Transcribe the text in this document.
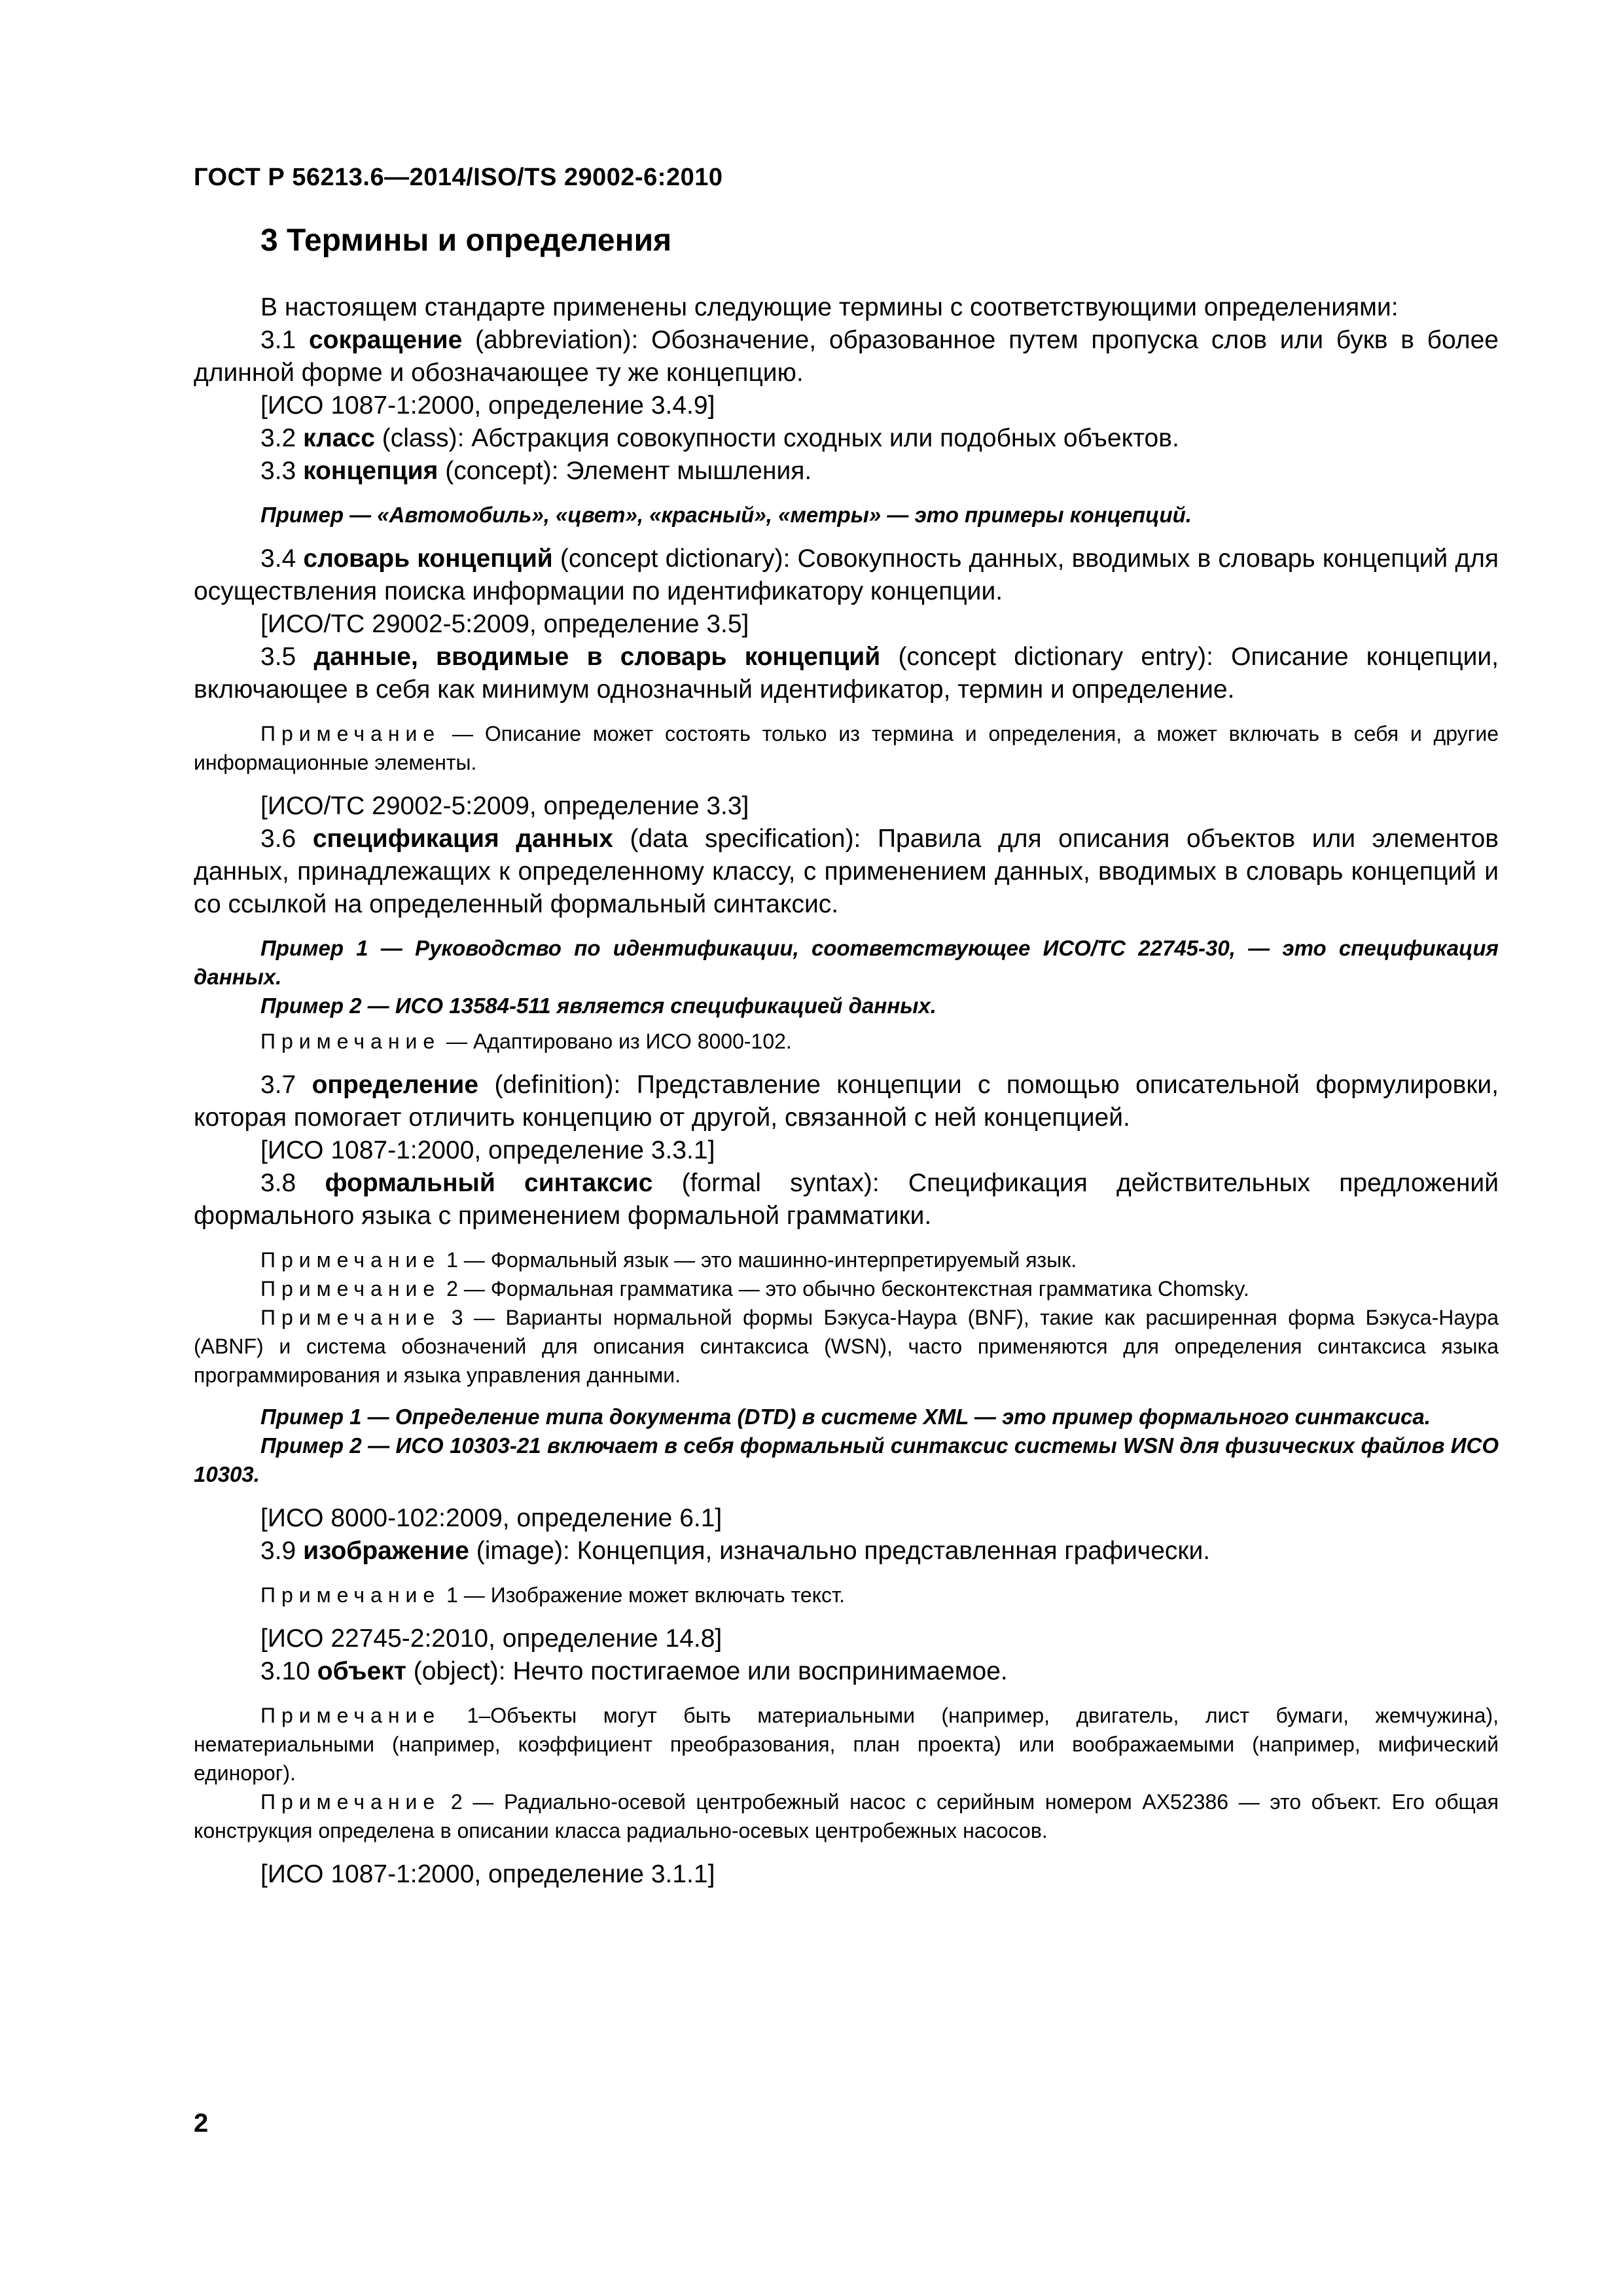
ГОСТ Р 56213.6—2014/ISO/TS 29002-6:2010
3 Термины и определения

В настоящем стандарте применены следующие термины с соответствующими определениями:

3.1 сокращение (abbreviation): Обозначение, образованное путем пропуска слов или букв в более длинной форме и обозначающее ту же концепцию.

[ИСО 1087-1:2000, определение 3.4.9]

3.2 класс (class): Абстракция совокупности сходных или подобных объектов.

3.3 концепция (concept): Элемент мышления.

Пример — «Автомобиль», «цвет», «красный», «метры» — это примеры концепций.

3.4 словарь концепций (concept dictionary): Совокупность данных, вводимых в словарь концепций для осуществления поиска информации по идентификатору концепции.

[ИСО/ТС 29002-5:2009, определение 3.5]

3.5 данные, вводимые в словарь концепций (concept dictionary entry): Описание концепции, включающее в себя как минимум однозначный идентификатор, термин и определение.

Примечание — Описание может состоять только из термина и определения, а может включать в себя и другие информационные элементы.

[ИСО/ТС 29002-5:2009, определение 3.3]

3.6 спецификация данных (data specification): Правила для описания объектов или элементов данных, принадлежащих к определенному классу, с применением данных, вводимых в словарь концепций и со ссылкой на определенный формальный синтаксис.

Пример 1 — Руководство по идентификации, соответствующее ИСО/ТС 22745-30, — это спецификация данных.

Пример 2 — ИСО 13584-511 является спецификацией данных.

Примечание — Адаптировано из ИСО 8000-102.

3.7 определение (definition): Представление концепции с помощью описательной формулировки, которая помогает отличить концепцию от другой, связанной с ней концепцией.

[ИСО 1087-1:2000, определение 3.3.1]

3.8 формальный синтаксис (formal syntax): Спецификация действительных предложений формального языка с применением формальной грамматики.

Примечание 1 — Формальный язык — это машинно-интерпретируемый язык.

Примечание 2 — Формальная грамматика — это обычно бесконтекстная грамматика Chomsky.

Примечание 3 — Варианты нормальной формы Бэкуса-Наура (BNF), такие как расширенная форма Бэкуса-Наура (ABNF) и система обозначений для описания синтаксиса (WSN), часто применяются для определения синтаксиса языка программирования и языка управления данными.

Пример 1 — Определение типа документа (DTD) в системе XML — это пример формального синтаксиса.

Пример 2 — ИСО 10303-21 включает в себя формальный синтаксис системы WSN для физических файлов ИСО 10303.

[ИСО 8000-102:2009, определение 6.1]

3.9 изображение (image): Концепция, изначально представленная графически.

Примечание 1 — Изображение может включать текст.

[ИСО 22745-2:2010, определение 14.8]

3.10 объект (object): Нечто постигаемое или воспринимаемое.

Примечание 1–Объекты могут быть материальными (например, двигатель, лист бумаги, жемчужина), нематериальными (например, коэффициент преобразования, план проекта) или воображаемыми (например, мифический единорог).

Примечание 2 — Радиально-осевой центробежный насос с серийным номером AX52386 — это объект. Его общая конструкция определена в описании класса радиально-осевых центробежных насосов.

[ИСО 1087-1:2000, определение 3.1.1]

2
